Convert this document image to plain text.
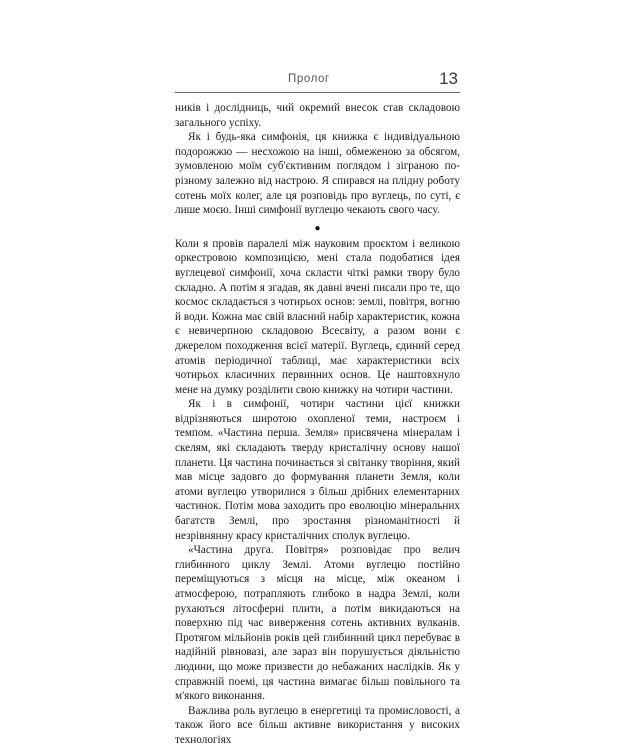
Пролог	13

ників і дослідниць, чий окремий внесок став складовою загального успіху.

Як і будь-яка симфонія, ця книжка є індивідуальною подорожжю — несхожою на інші, обмеженою за обсягом, зумовленою моїм суб'єктивним поглядом і зіграною по-різному залежно від настрою. Я спирався на плідну роботу сотень моїх колег, але ця розповідь про вуглець, по суті, є лише моєю. Інші симфонії вуглецю чекають свого часу.

●

Коли я провів паралелі між науковим проєктом і великою оркестровою композицією, мені стала подобатися ідея вуглецевої симфонії, хоча скласти чіткі рамки твору було складно. А потім я згадав, як давні вчені писали про те, що космос складається з чотирьох основ: землі, повітря, вогню й води. Кожна має свій власний набір характеристик, кожна є невичерпною складовою Всесвіту, а разом вони є джерелом походження всієї матерії. Вуглець, єдиний серед атомів періодичної таблиці, має характеристики всіх чотирьох класичних первинних основ. Це наштовхнуло мене на думку розділити свою книжку на чотири частини.

Як і в симфонії, чотири частини цієї книжки відрізняються широтою охопленої теми, настроєм і темпом. «Частина перша. Земля» присвячена мінералам і скелям, які складають тверду кристалічну основу нашої планети. Ця частина починається зі світанку творіння, який мав місце задовго до формування планети Земля, коли атоми вуглецю утворилися з більш дрібних елементарних частинок. Потім мова заходить про еволюцію мінеральних багатств Землі, про зростання різноманітності й незрівнянну красу кристалічних сполук вуглецю.

«Частина друга. Повітря» розповідає про велич глибинного циклу Землі. Атоми вуглецю постійно переміщуються з місця на місце, між океаном і атмосферою, потрапляють глибоко в надра Землі, коли рухаються літосферні плити, а потім викидаються на поверхню під час виверження сотень активних вулканів. Протягом мільйонів років цей глибинний цикл перебуває в надійній рівновазі, але зараз він порушується діяльністю людини, що може призвести до небажаних наслідків. Як у справжній поемі, ця частина вимагає більш повільного та м'якого виконання.

Важлива роль вуглецю в енергетиці та промисловості, а також його все більш активне використання у високих технологіях
